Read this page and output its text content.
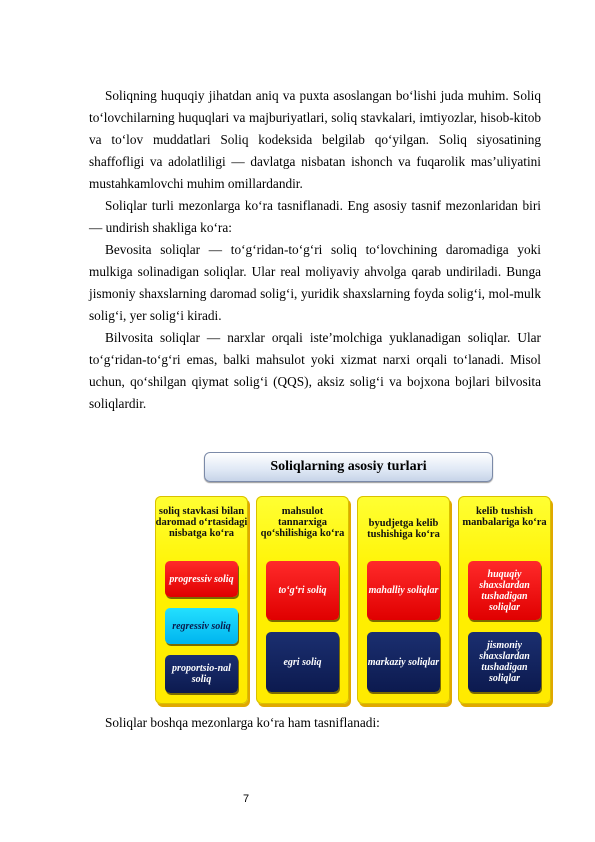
Soliqning huquqiy jihatdan aniq va puxta asoslangan bo‘lishi juda muhim. Soliq to‘lovchilarning huquqlari va majburiyatlari, soliq stavkalari, imtiyozlar, hisob-kitob va to‘lov muddatlari Soliq kodeksida belgilab qo‘yilgan. Soliq siyosatining shaffofligi va adolatliligi — davlatga nisbatan ishonch va fuqarolik mas’uliyatini mustahkamlovchi muhim omillardandir.

Soliqlar turli mezonlarga ko‘ra tasniflanadi. Eng asosiy tasnif mezonlaridan biri — undirish shakliga ko‘ra:

Bevosita soliqlar — to‘g‘ridan-to‘g‘ri soliq to‘lovchining daromadiga yoki mulkiga solinadigan soliqlar. Ular real moliyaviy ahvolga qarab undiriladi. Bunga jismoniy shaxslarning daromad solig‘i, yuridik shaxslarning foyda solig‘i, mol-mulk solig‘i, yer solig‘i kiradi.

Bilvosita soliqlar — narxlar orqali iste’molchiga yuklanadigan soliqlar. Ular to‘g‘ridan-to‘g‘ri emas, balki mahsulot yoki xizmat narxi orqali to‘lanadi. Misol uchun, qo‘shilgan qiymat solig‘i (QQS), aksiz solig‘i va bojxona bojlari bilvosita soliqlardir.

Soliqlarning asosiy turlari
soliq stavkasi bilan daromad o‘rtasidagi nisbatga ko‘ra
progressiv soliq
regressiv soliq
proportsio-nal soliq
mahsulot tannarxiga qo‘shilishiga ko‘ra
to‘g‘ri soliq
egri soliq
byudjetga kelib tushishiga ko‘ra
mahalliy soliqlar
markaziy soliqlar
kelib tushish manbalariga ko‘ra
huquqiy shaxslardan tushadigan soliqlar
jismoniy shaxslardan tushadigan soliqlar
Soliqlar boshqa mezonlarga ko‘ra ham tasniflanadi:
7
